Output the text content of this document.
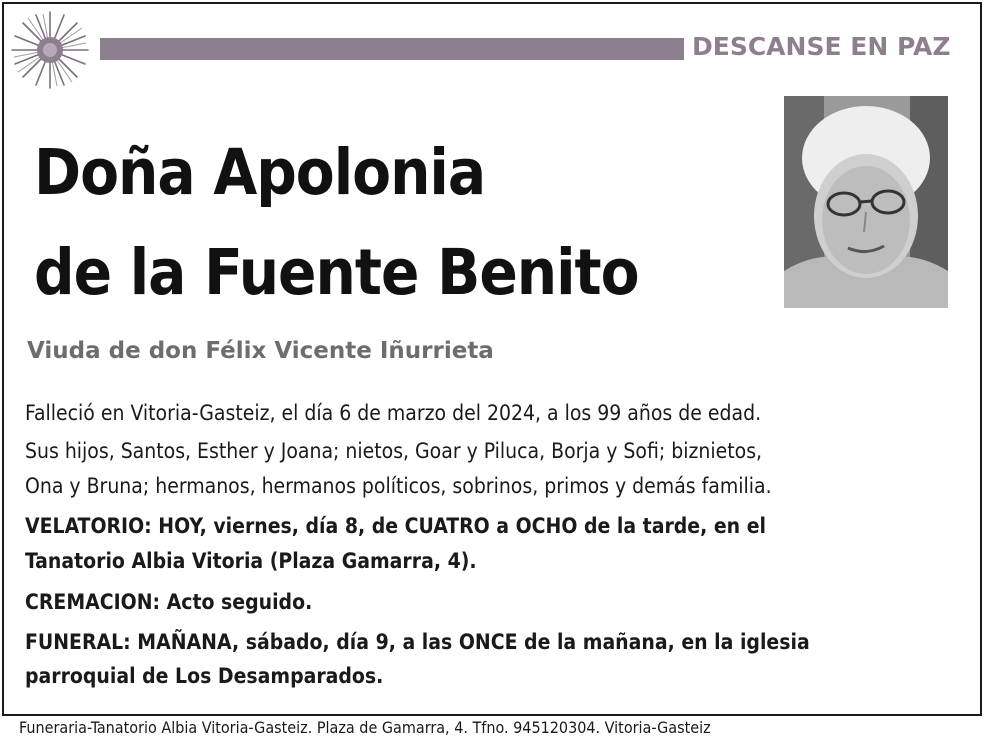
DESCANSE EN PAZ
Doña Apolonia
de la Fuente Benito
Viuda de don Félix Vicente Iñurrieta
Falleció en Vitoria-Gasteiz, el día 6 de marzo del 2024, a los 99 años de edad.
Sus hijos, Santos, Esther y Joana; nietos, Goar y Piluca, Borja y Sofi; biznietos,
Ona y Bruna; hermanos, hermanos políticos, sobrinos, primos y demás familia.
VELATORIO: HOY, viernes, día 8, de CUATRO a OCHO de la tarde, en el
Tanatorio Albia Vitoria (Plaza Gamarra, 4).
CREMACION: Acto seguido.
FUNERAL: MAÑANA, sábado, día 9, a las ONCE de la mañana, en la iglesia
parroquial de Los Desamparados.
Funeraria-Tanatorio Albia Vitoria-Gasteiz. Plaza de Gamarra, 4. Tfno. 945120304. Vitoria-Gasteiz
